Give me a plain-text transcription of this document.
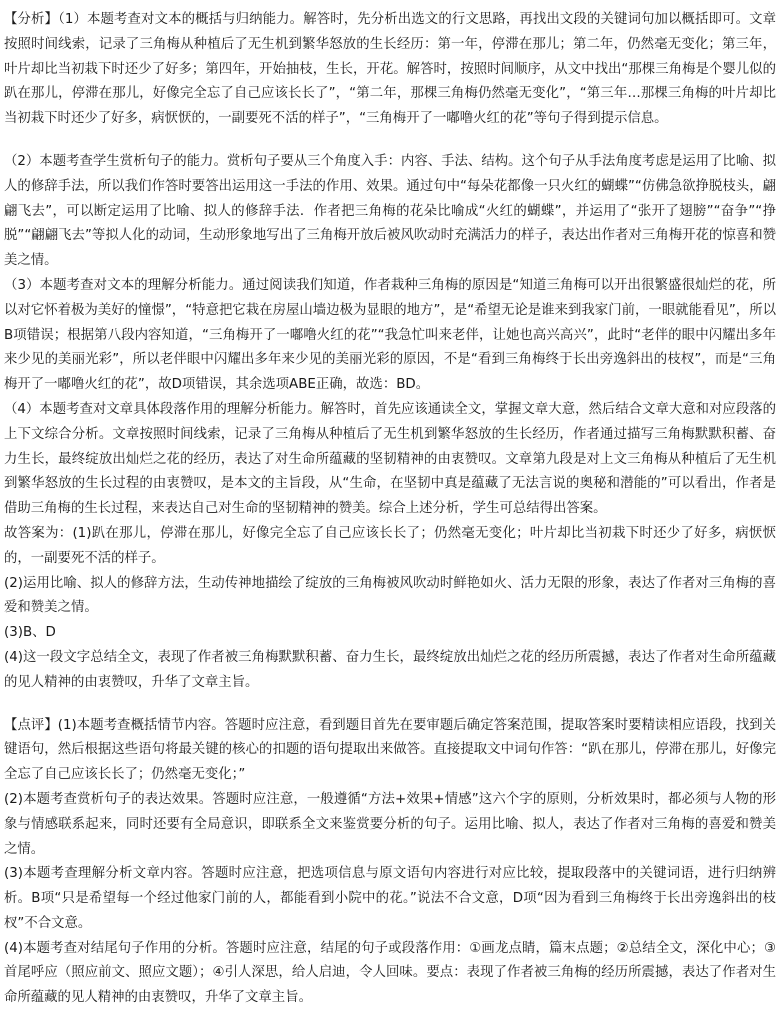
【分析】（1）本题考查对文本的概括与归纳能力。解答时，先分析出选文的行文思路，再找出文段的关键词句加以概括即可。文章按照时间线索，记录了三角梅从种植后了无生机到繁华怒放的生长经历：第一年，停滞在那儿；第二年，仍然毫无变化；第三年，叶片却比当初栽下时还少了好多；第四年，开始抽枝，生长，开花。解答时，按照时间顺序，从文中找出“那棵三角梅是个婴儿似的趴在那儿，停滞在那儿，好像完全忘了自己应该长长了”，“第二年，那棵三角梅仍然毫无变化”，“第三年…那棵三角梅的叶片却比当初栽下时还少了好多，病恹恹的，一副要死不活的样子”，“三角梅开了一嘟噜火红的花”等句子得到提示信息。

（2）本题考查学生赏析句子的能力。赏析句子要从三个角度入手：内容、手法、结构。这个句子从手法角度考虑是运用了比喻、拟人的修辞手法，所以我们作答时要答出运用这一手法的作用、效果。通过句中“每朵花都像一只火红的蝴蝶”“仿佛急欲挣脱枝头，翩翩飞去”，可以断定运用了比喻、拟人的修辞手法．作者把三角梅的花朵比喻成“火红的蝴蝶”，并运用了“张开了翅膀”“奋争”“挣脱”“翩翩飞去”等拟人化的动词，生动形象地写出了三角梅开放后被风吹动时充满活力的样子，表达出作者对三角梅开花的惊喜和赞美之情。

（3）本题考查对文本的理解分析能力。通过阅读我们知道，作者栽种三角梅的原因是“知道三角梅可以开出很繁盛很灿烂的花，所以对它怀着极为美好的憧憬”，“特意把它栽在房屋山墙边极为显眼的地方”，是“希望无论是谁来到我家门前，一眼就能看见”，所以B项错误；根据第八段内容知道，“三角梅开了一嘟噜火红的花”“我急忙叫来老伴，让她也高兴高兴”，此时“老伴的眼中闪耀出多年来少见的美丽光彩”，所以老伴眼中闪耀出多年来少见的美丽光彩的原因，不是“看到三角梅终于长出旁逸斜出的枝杈”，而是“三角梅开了一嘟噜火红的花”，故D项错误，其余选项ABE正确，故选：BD。

（4）本题考查对文章具体段落作用的理解分析能力。解答时，首先应该通读全文，掌握文章大意，然后结合文章大意和对应段落的上下文综合分析。文章按照时间线索，记录了三角梅从种植后了无生机到繁华怒放的生长经历，作者通过描写三角梅默默积蓄、奋力生长，最终绽放出灿烂之花的经历，表达了对生命所蕴藏的坚韧精神的由衷赞叹。文章第九段是对上文三角梅从种植后了无生机到繁华怒放的生长过程的由衷赞叹，是本文的主旨段，从“生命，在坚韧中真是蕴藏了无法言说的奥秘和潜能的”可以看出，作者是借助三角梅的生长过程，来表达自己对生命的坚韧精神的赞美。综合上述分析，学生可总结得出答案。

故答案为：(1)趴在那儿，停滞在那儿，好像完全忘了自己应该长长了；仍然毫无变化；叶片却比当初栽下时还少了好多，病恹恹的，一副要死不活的样子。

(2)运用比喻、拟人的修辞方法，生动传神地描绘了绽放的三角梅被风吹动时鲜艳如火、活力无限的形象，表达了作者对三角梅的喜爱和赞美之情。

(3)B、D

(4)这一段文字总结全文，表现了作者被三角梅默默积蓄、奋力生长，最终绽放出灿烂之花的经历所震撼，表达了作者对生命所蕴藏的见人精神的由衷赞叹，升华了文章主旨。

【点评】(1)本题考查概括情节内容。答题时应注意，看到题目首先在要审题后确定答案范围，提取答案时要精读相应语段，找到关键语句，然后根据这些语句将最关键的核心的扣题的语句提取出来做答。直接提取文中词句作答：“趴在那儿，停滞在那儿，好像完全忘了自己应该长长了；仍然毫无变化；”

(2)本题考查赏析句子的表达效果。答题时应注意，一般遵循“方法+效果+情感”这六个字的原则，分析效果时，都必须与人物的形象与情感联系起来，同时还要有全局意识，即联系全文来鉴赏要分析的句子。运用比喻、拟人，表达了作者对三角梅的喜爱和赞美之情。

(3)本题考查理解分析文章内容。答题时应注意，把选项信息与原文语句内容进行对应比较，提取段落中的关键词语，进行归纳辨析。B项“只是希望每一个经过他家门前的人，都能看到小院中的花。”说法不合文意，D项“因为看到三角梅终于长出旁逸斜出的枝杈”不合文意。

(4)本题考查对结尾句子作用的分析。答题时应注意，结尾的句子或段落作用：①画龙点睛，篇末点题；②总结全文，深化中心；③首尾呼应（照应前文、照应文题）；④引人深思，给人启迪，令人回味。要点：表现了作者被三角梅的经历所震撼，表达了作者对生命所蕴藏的见人精神的由衷赞叹，升华了文章主旨。
